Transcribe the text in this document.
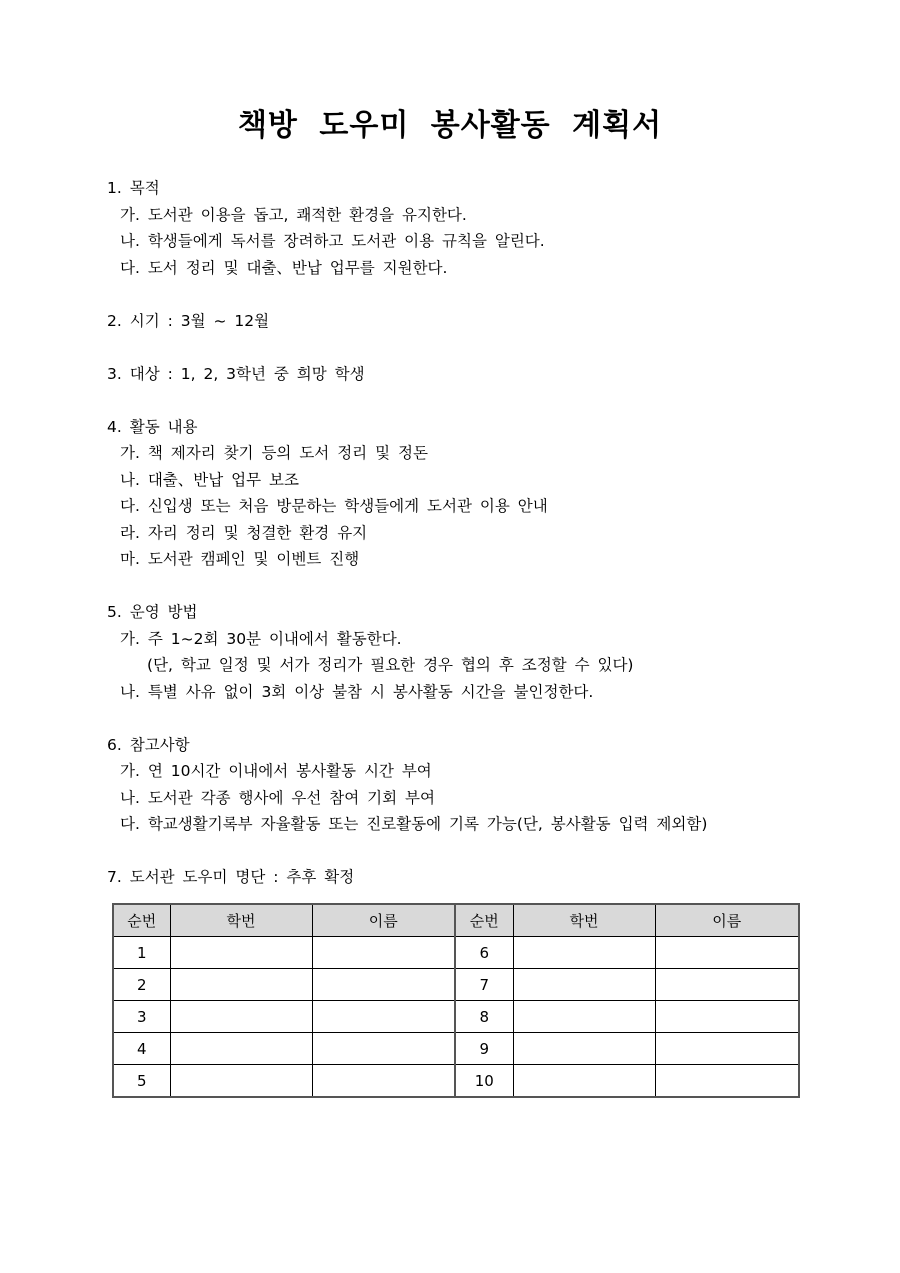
책방 도우미 봉사활동 계획서
1. 목적
가. 도서관 이용을 돕고, 쾌적한 환경을 유지한다.
나. 학생들에게 독서를 장려하고 도서관 이용 규칙을 알린다.
다. 도서 정리 및 대출、반납 업무를 지원한다.
2. 시기 : 3월 ~ 12월
3. 대상 : 1, 2, 3학년 중 희망 학생
4. 활동 내용
가. 책 제자리 찾기 등의 도서 정리 및 정돈
나. 대출、반납 업무 보조
다. 신입생 또는 처음 방문하는 학생들에게 도서관 이용 안내
라. 자리 정리 및 청결한 환경 유지
마. 도서관 캠페인 및 이벤트 진행
5. 운영 방법
가. 주 1~2회 30분 이내에서 활동한다.
(단, 학교 일정 및 서가 정리가 필요한 경우 협의 후 조정할 수 있다)
나. 특별 사유 없이 3회 이상 불참 시 봉사활동 시간을 불인정한다.
6. 참고사항
가. 연 10시간 이내에서 봉사활동 시간 부여
나. 도서관 각종 행사에 우선 참여 기회 부여
다. 학교생활기록부 자율활동 또는 진로활동에 기록 가능(단, 봉사활동 입력 제외함)
7. 도서관 도우미 명단 : 추후 확정
순번	학번	이름	순번	학번	이름
1			6		
2			7		
3			8		
4			9		
5			10		
